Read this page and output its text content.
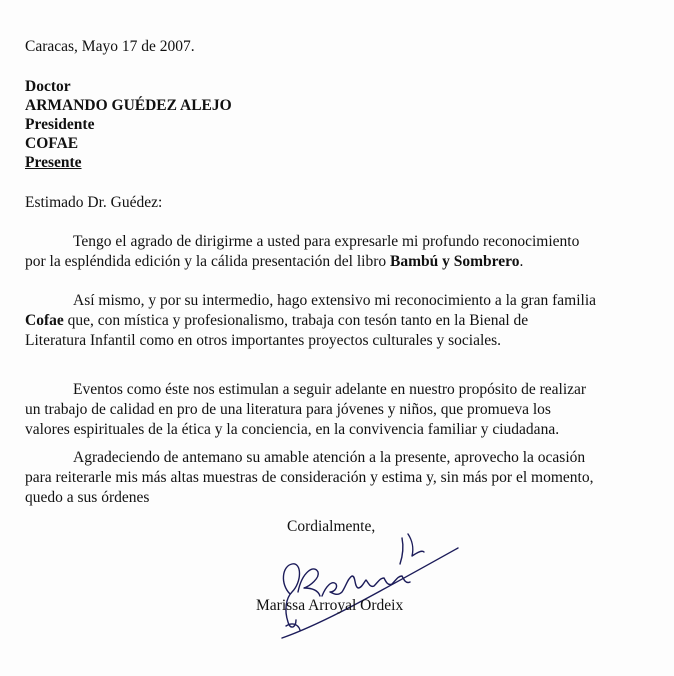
Caracas, Mayo 17 de 2007.
Doctor
ARMANDO GUÉDEZ ALEJO
Presidente
COFAE
Presente
Estimado Dr. Guédez:
Tengo el agrado de dirigirme a usted para expresarle mi profundo reconocimiento
por la espléndida edición y la cálida presentación del libro Bambú y Sombrero.
Así mismo, y por su intermedio, hago extensivo mi reconocimiento a la gran familia
Cofae que, con mística y profesionalismo, trabaja con tesón tanto en la Bienal de
Literatura Infantil como en otros importantes proyectos culturales y sociales.
Eventos como éste nos estimulan a seguir adelante en nuestro propósito de realizar
un trabajo de calidad en pro de una literatura para jóvenes y niños, que promueva los
valores espirituales de la ética y la conciencia, en la convivencia familiar y ciudadana.
Agradeciendo de antemano su amable atención a la presente, aprovecho la ocasión
para reiterarle mis más altas muestras de consideración y estima y, sin más por el momento,
quedo a sus órdenes
Cordialmente,
Marissa Arroyal Ordeix
